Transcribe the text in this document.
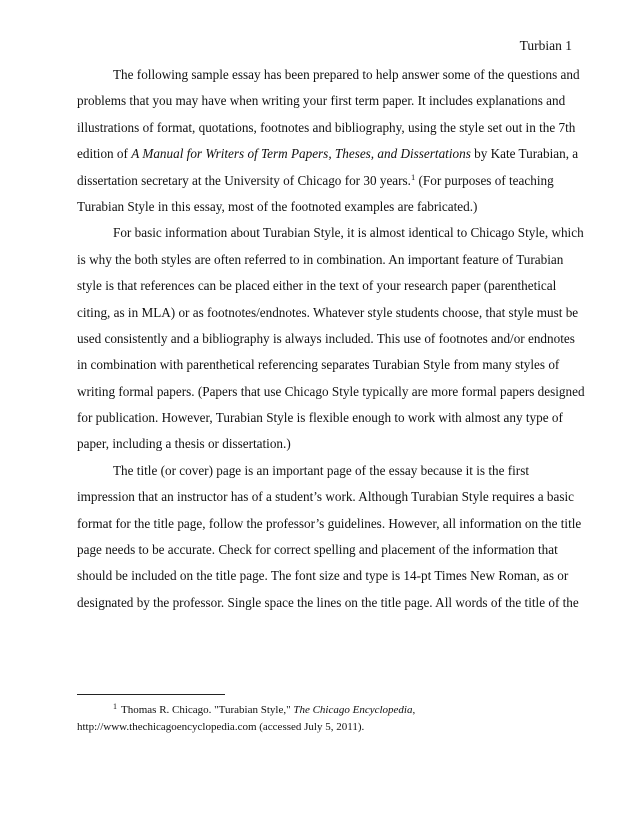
Turbian 1
The following sample essay has been prepared to help answer some of the questions and
problems that you may have when writing your first term paper. It includes explanations and
illustrations of format, quotations, footnotes and bibliography, using the style set out in the 7th
edition of A Manual for Writers of Term Papers, Theses, and Dissertations by Kate Turabian, a
dissertation secretary at the University of Chicago for 30 years.$^1$ (For purposes of teaching
Turabian Style in this essay, most of the footnoted examples are fabricated.)
For basic information about Turabian Style, it is almost identical to Chicago Style, which
is why the both styles are often referred to in combination. An important feature of Turabian
style is that references can be placed either in the text of your research paper (parenthetical
citing, as in MLA) or as footnotes/endnotes. Whatever style students choose, that style must be
used consistently and a bibliography is always included. This use of footnotes and/or endnotes
in combination with parenthetical referencing separates Turabian Style from many styles of
writing formal papers. (Papers that use Chicago Style typically are more formal papers designed
for publication. However, Turabian Style is flexible enough to work with almost any type of
paper, including a thesis or dissertation.)
The title (or cover) page is an important page of the essay because it is the first
impression that an instructor has of a student’s work. Although Turabian Style requires a basic
format for the title page, follow the professor’s guidelines. However, all information on the title
page needs to be accurate. Check for correct spelling and placement of the information that
should be included on the title page. The font size and type is 14-pt Times New Roman, as or
designated by the professor. Single space the lines on the title page. All words of the title of the
$^1$ Thomas R. Chicago. "Turabian Style," The Chicago Encyclopedia,
http://www.thechicagoencyclopedia.com (accessed July 5, 2011).
